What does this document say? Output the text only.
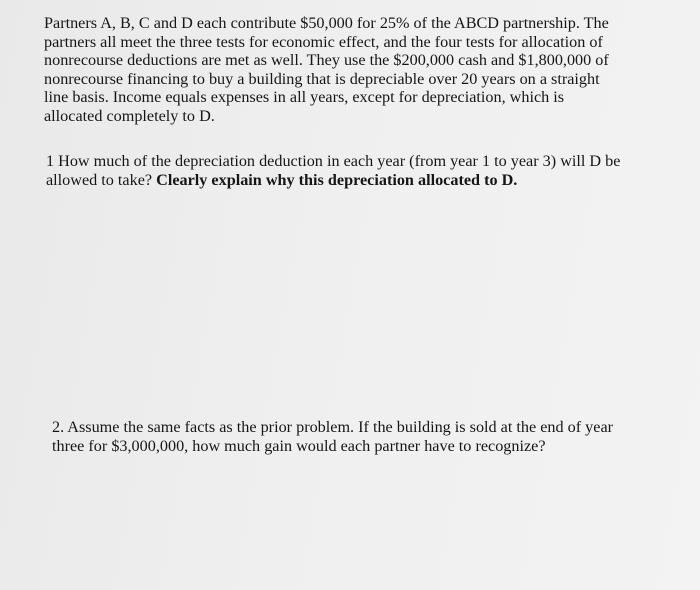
Partners A, B, C and D each contribute $50,000 for 25% of the ABCD partnership. The
partners all meet the three tests for economic effect, and the four tests for allocation of
nonrecourse deductions are met as well. They use the $200,000 cash and $1,800,000 of
nonrecourse financing to buy a building that is depreciable over 20 years on a straight
line basis. Income equals expenses in all years, except for depreciation, which is
allocated completely to D.

1 How much of the depreciation deduction in each year (from year 1 to year 3) will D be
allowed to take? Clearly explain why this depreciation allocated to D.

2. Assume the same facts as the prior problem. If the building is sold at the end of year
three for $3,000,000, how much gain would each partner have to recognize?
